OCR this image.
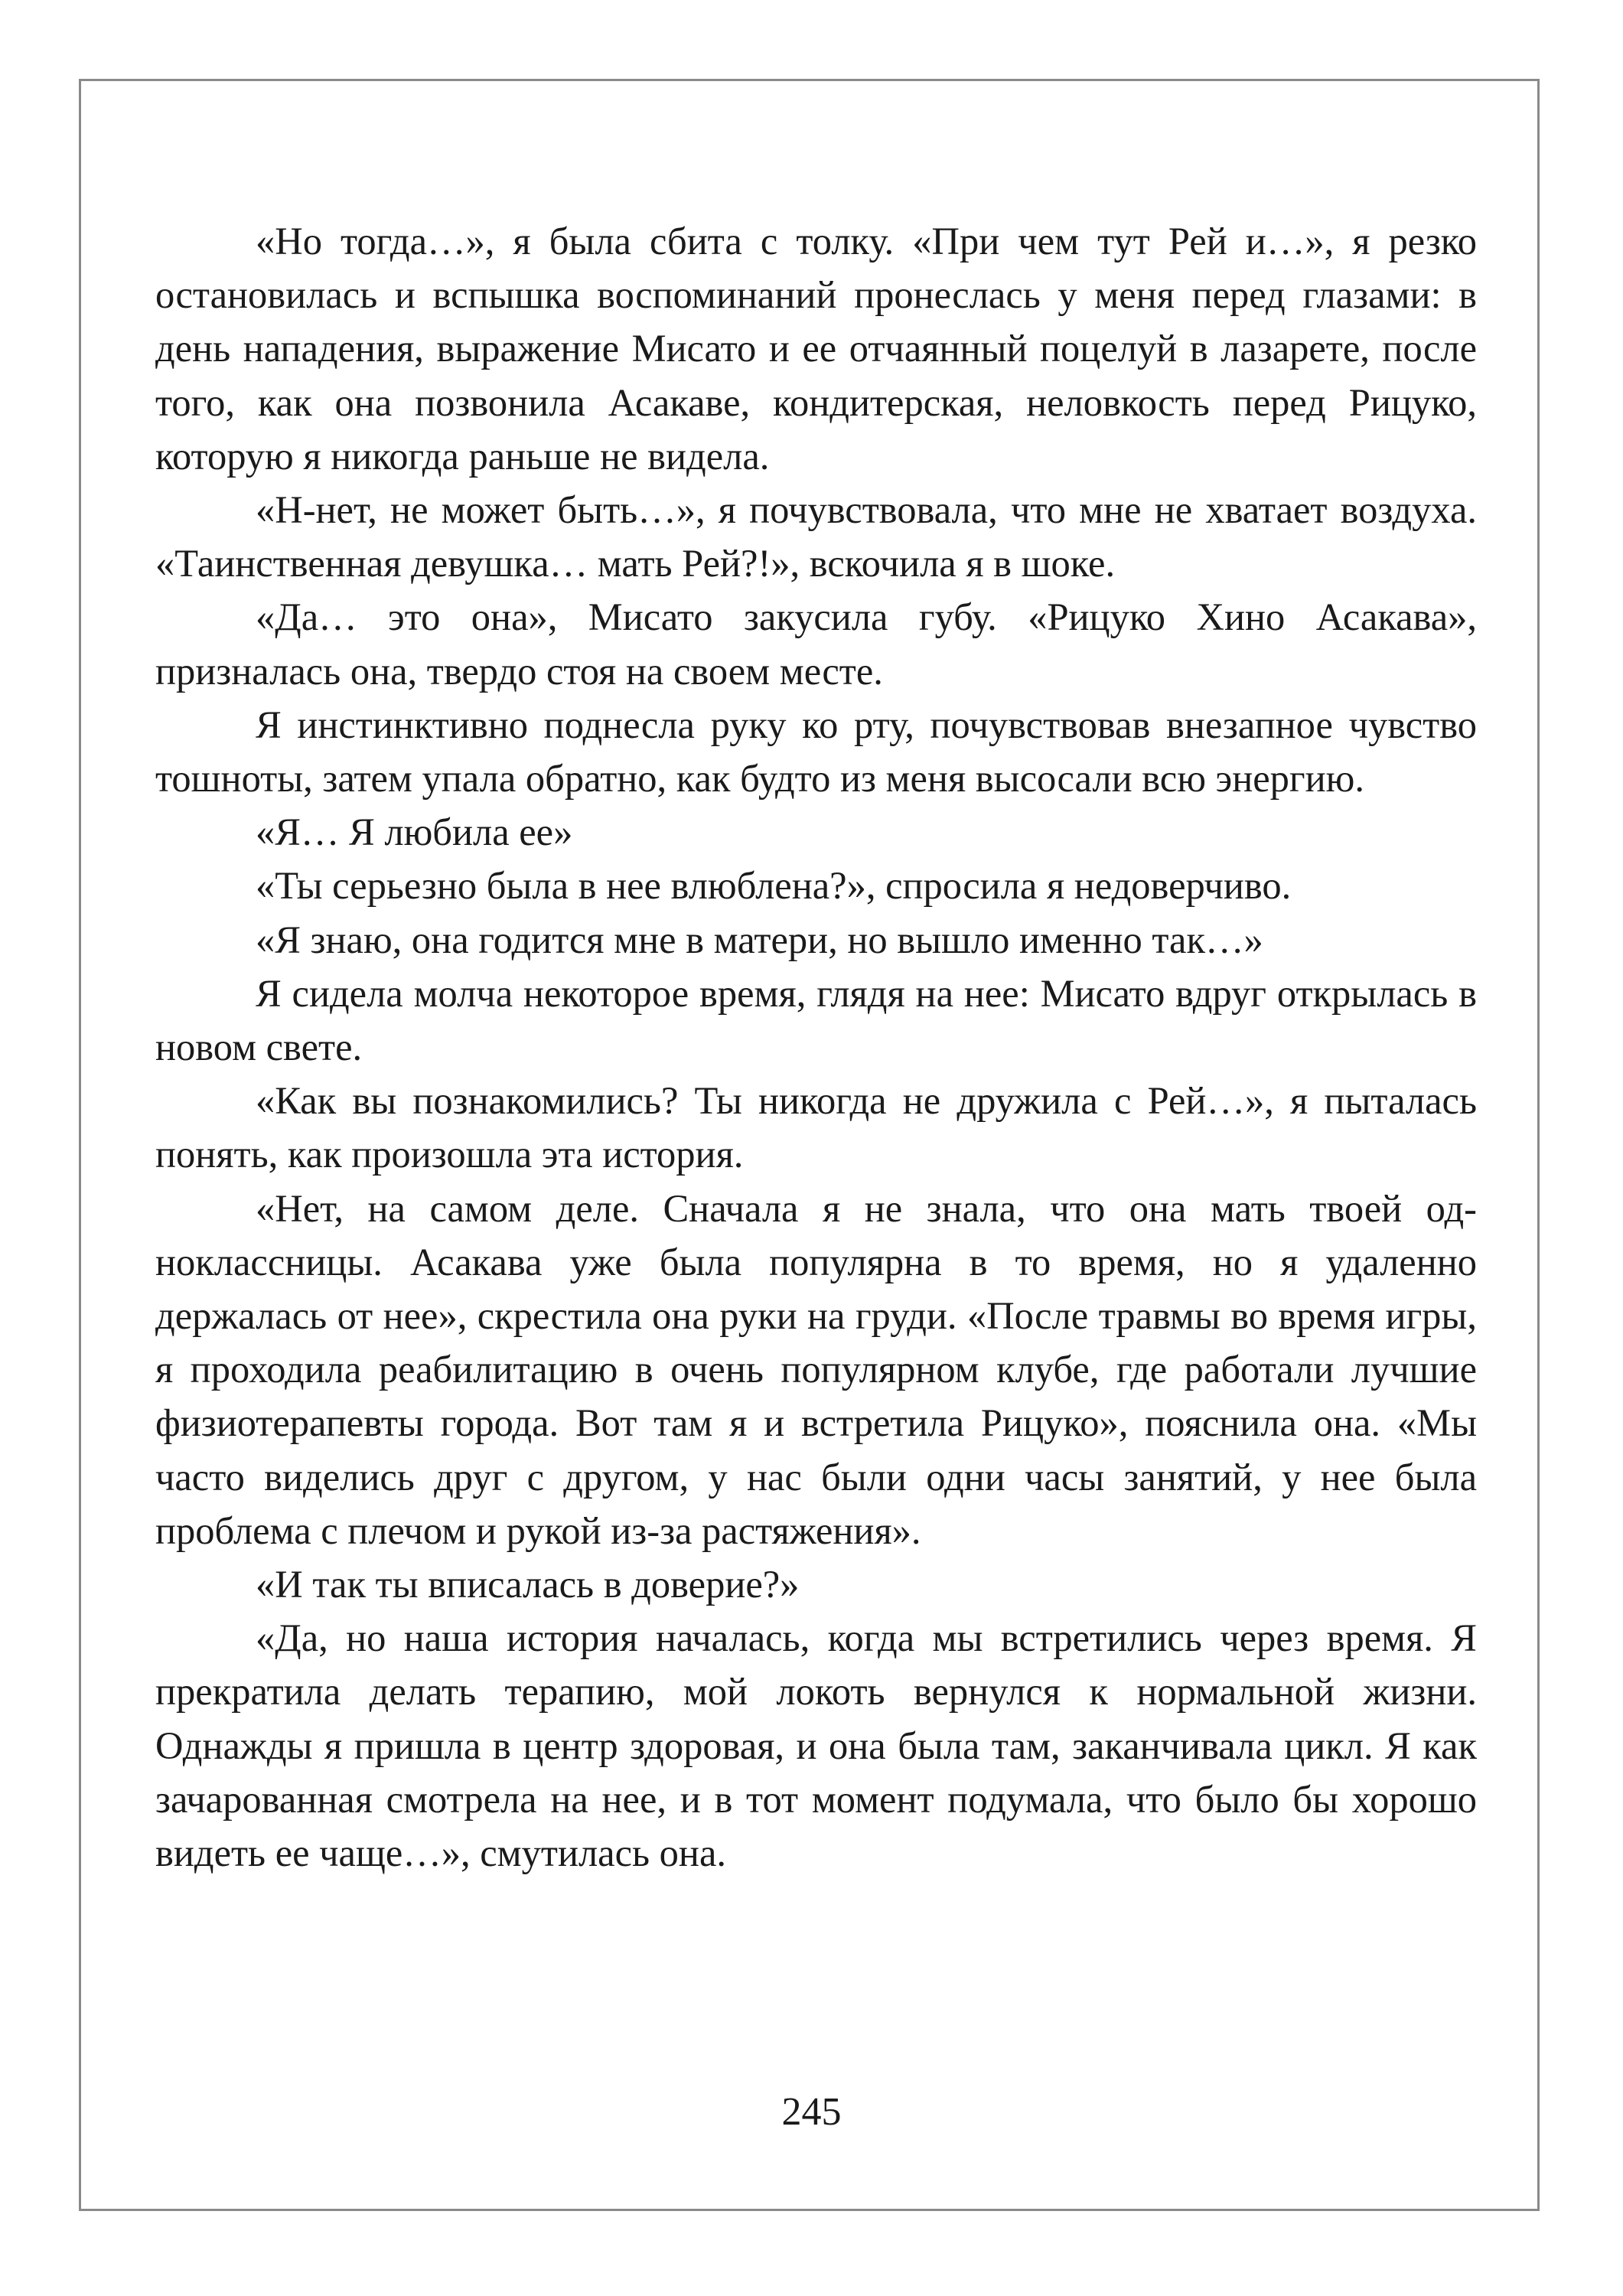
«Но тогда…», я была сбита с толку. «При чем тут Рей и…», я резко остановилась и вспышка воспоминаний пронеслась у меня перед глазами: в день нападения, выражение Мисато и ее отчаянный поцелуй в лазарете, после того, как она позвонила Асакаве, кондитерская, неловкость перед Рицуко, которую я никогда раньше не видела.

«Н-нет, не может быть…», я почувствовала, что мне не хватает воздуха. «Таинственная девушка… мать Рей?!», вскочила я в шоке.

«Да… это она», Мисато закусила губу. «Рицуко Хино Асакава», призналась она, твердо стоя на своем месте.

Я инстинктивно поднесла руку ко рту, почувствовав внезапное чувство тошноты, затем упала обратно, как будто из меня высосали всю энергию.

«Я… Я любила ее»

«Ты серьезно была в нее влюблена?», спросила я недоверчиво.

«Я знаю, она годится мне в матери, но вышло именно так…»

Я сидела молча некоторое время, глядя на нее: Мисато вдруг открылась в новом свете.

«Как вы познакомились? Ты никогда не дружила с Рей…», я пыталась понять, как произошла эта история.

«Нет, на самом деле. Сначала я не знала, что она мать твоей одноклассницы. Асакава уже была популярна в то время, но я удаленно держалась от нее», скрестила она руки на груди. «После травмы во время игры, я проходила реабилитацию в очень популярном клубе, где работали лучшие физиотерапевты города. Вот там я и встретила Рицуко», пояснила она. «Мы часто виделись друг с другом, у нас были одни часы занятий, у нее была проблема с плечом и рукой из-за растяжения».

«И так ты вписалась в доверие?»

«Да, но наша история началась, когда мы встретились через время. Я прекратила делать терапию, мой локоть вернулся к нормальной жизни. Однажды я пришла в центр здоровая, и она была там, заканчивала цикл. Я как зачарованная смотрела на нее, и в тот момент подумала, что было бы хорошо видеть ее чаще…», смутилась она.

245
